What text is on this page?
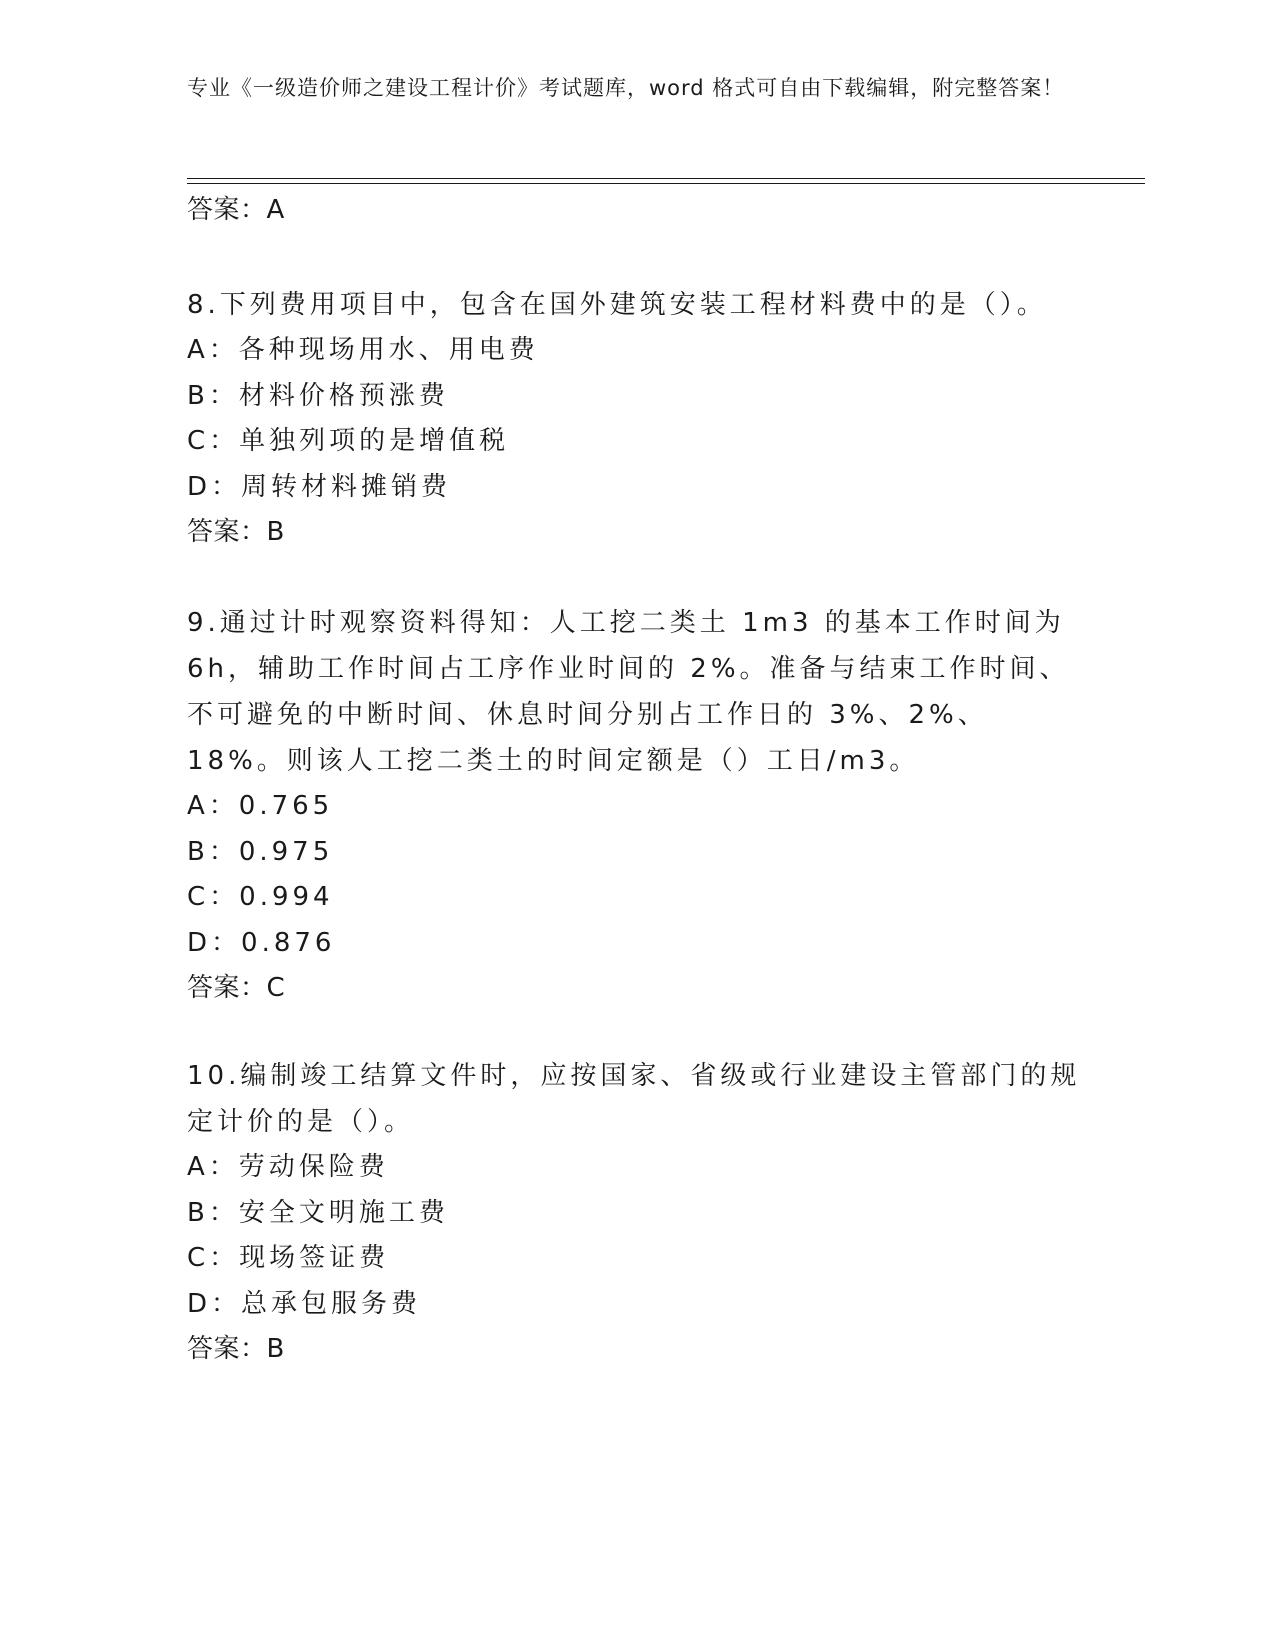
专业《一级造价师之建设工程计价》考试题库，word 格式可自由下载编辑，附完整答案！

答案：A

8.下列费用项目中，包含在国外建筑安装工程材料费中的是（）。

A：各种现场用水、用电费
B：材料价格预涨费
C：单独列项的是增值税
D：周转材料摊销费

答案：B

9.通过计时观察资料得知：人工挖二类土 1m3 的基本工作时间为 6h，辅助工作时间占工序作业时间的 2%。准备与结束工作时间、不可避免的中断时间、休息时间分别占工作日的 3%、2%、18%。则该人工挖二类土的时间定额是（）工日/m3。

A：0.765
B：0.975
C：0.994
D：0.876

答案：C

10.编制竣工结算文件时，应按国家、省级或行业建设主管部门的规定计价的是（）。

A：劳动保险费
B：安全文明施工费
C：现场签证费
D：总承包服务费

答案：B
